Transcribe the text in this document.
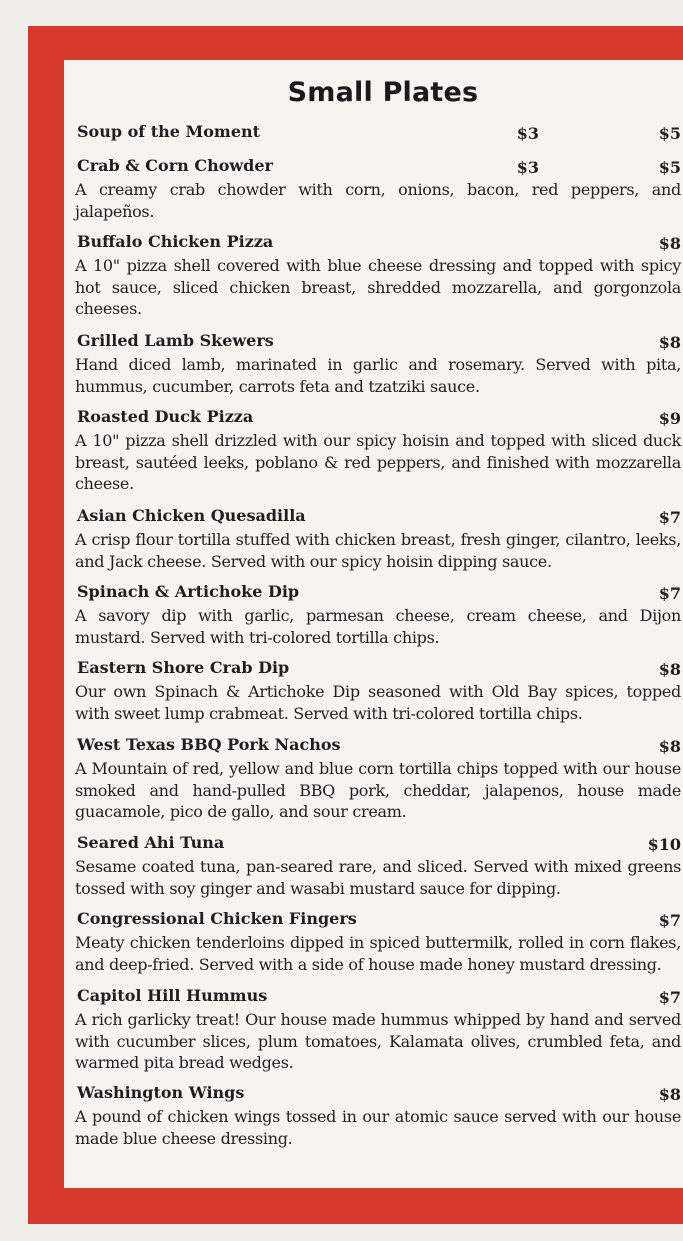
Small Plates
Soup of the Moment	$3	$5
Crab & Corn Chowder	$3	$5
A creamy crab chowder with corn, onions, bacon, red peppers, and jalapeños.
Buffalo Chicken Pizza	$8
A 10" pizza shell covered with blue cheese dressing and topped with spicy hot sauce, sliced chicken breast, shredded mozzarella, and gorgonzola cheeses.
Grilled Lamb Skewers	$8
Hand diced lamb, marinated in garlic and rosemary. Served with pita, hummus, cucumber, carrots feta and tzatziki sauce.
Roasted Duck Pizza	$9
A 10" pizza shell drizzled with our spicy hoisin and topped with sliced duck breast, sautéed leeks, poblano & red peppers, and finished with mozzarella cheese.
Asian Chicken Quesadilla	$7
A crisp flour tortilla stuffed with chicken breast, fresh ginger, cilantro, leeks, and Jack cheese. Served with our spicy hoisin dipping sauce.
Spinach & Artichoke Dip	$7
A savory dip with garlic, parmesan cheese, cream cheese, and Dijon mustard. Served with tri-colored tortilla chips.
Eastern Shore Crab Dip	$8
Our own Spinach & Artichoke Dip seasoned with Old Bay spices, topped with sweet lump crabmeat. Served with tri-colored tortilla chips.
West Texas BBQ Pork Nachos	$8
A Mountain of red, yellow and blue corn tortilla chips topped with our house smoked and hand-pulled BBQ pork, cheddar, jalapenos, house made guacamole, pico de gallo, and sour cream.
Seared Ahi Tuna	$10
Sesame coated tuna, pan-seared rare, and sliced. Served with mixed greens tossed with soy ginger and wasabi mustard sauce for dipping.
Congressional Chicken Fingers	$7
Meaty chicken tenderloins dipped in spiced buttermilk, rolled in corn flakes, and deep-fried. Served with a side of house made honey mustard dressing.
Capitol Hill Hummus	$7
A rich garlicky treat! Our house made hummus whipped by hand and served with cucumber slices, plum tomatoes, Kalamata olives, crumbled feta, and warmed pita bread wedges.
Washington Wings	$8
A pound of chicken wings tossed in our atomic sauce served with our house made blue cheese dressing.
